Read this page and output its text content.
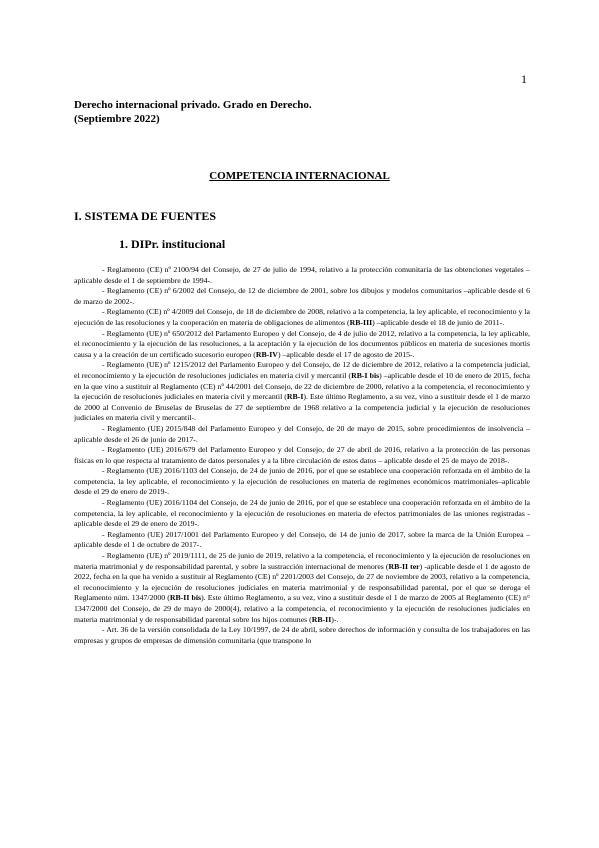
1
Derecho internacional privado. Grado en Derecho.
(Septiembre 2022)
COMPETENCIA INTERNACIONAL
I. SISTEMA DE FUENTES
1. DIPr. institucional

- Reglamento (CE) nº 2100/94 del Consejo, de 27 de julio de 1994, relativo a la protección comunitaria de las obtenciones vegetales –aplicable desde el 1 de septiembre de 1994-.

- Reglamento (CE) nº 6/2002 del Consejo, de 12 de diciembre de 2001, sobre los dibujos y modelos comunitarios –aplicable desde el 6 de marzo de 2002-.

- Reglamento (CE) nº 4/2009 del Consejo, de 18 de diciembre de 2008, relativo a la competencia, la ley aplicable, el reconocimiento y la ejecución de las resoluciones y la cooperación en materia de obligaciones de alimentos (RB-III) –aplicable desde el 18 de junio de 2011-.

- Reglamento (UE) nº 650/2012 del Parlamento Europeo y del Consejo, de 4 de julio de 2012, relativo a la competencia, la ley aplicable, el reconocimiento y la ejecución de las resoluciones, a la aceptación y la ejecución de los documentos públicos en materia de sucesiones mortis causa y a la creación de un certificado sucesorio europeo (RB-IV) –aplicable desde el 17 de agosto de 2015-.

- Reglamento (UE) nº 1215/2012 del Parlamento Europeo y del Consejo, de 12 de diciembre de 2012, relativo a la competencia judicial, el reconocimiento y la ejecución de resoluciones judiciales en materia civil y mercantil (RB-I bis) –aplicable desde el 10 de enero de 2015, fecha en la que vino a sustituir al Reglamento (CE) nº 44/2001 del Consejo, de 22 de diciembre de 2000, relativo a la competencia, el reconocimiento y la ejecución de resoluciones judiciales en materia civil y mercantil (RB-I). Este último Reglamento, a su vez, vino a sustituir desde el 1 de marzo de 2000 al Convenio de Bruselas de Bruselas de 27 de septiembre de 1968 relativo a la competencia judicial y la ejecución de resoluciones judiciales en materia civil y mercantil-.

- Reglamento (UE) 2015/848 del Parlamento Europeo y del Consejo, de 20 de mayo de 2015, sobre procedimientos de insolvencia –aplicable desde el 26 de junio de 2017-.

- Reglamento (UE) 2016/679 del Parlamento Europeo y del Consejo, de 27 de abril de 2016, relativo a la protección de las personas físicas en lo que respecta al tratamiento de datos personales y a la libre circulación de estos datos – aplicable desde el 25 de mayo de 2018-.

- Reglamento (UE) 2016/1103 del Consejo, de 24 de junio de 2016, por el que se establece una cooperación reforzada en el ámbito de la competencia, la ley aplicable, el reconocimiento y la ejecución de resoluciones en materia de regímenes económicos matrimoniales–aplicable desde el 29 de enero de 2019-.

- Reglamento (UE) 2016/1104 del Consejo, de 24 de junio de 2016, por el que se establece una cooperación reforzada en el ámbito de la competencia, la ley aplicable, el reconocimiento y la ejecución de resoluciones en materia de efectos patrimoniales de las uniones registradas -aplicable desde el 29 de enero de 2019-.

- Reglamento (UE) 2017/1001 del Parlamento Europeo y del Consejo, de 14 de junio de 2017, sobre la marca de la Unión Europea –aplicable desde el 1 de octubre de 2017-.

- Reglamento (UE) nº 2019/1111, de 25 de junio de 2019, relativo a la competencia, el reconocimiento y la ejecución de resoluciones en materia matrimonial y de responsabilidad parental, y sobre la sustracción internacional de menores (RB-II ter) -aplicable desde el 1 de agosto de 2022, fecha en la que ha venido a sustituir al Reglamento (CE) nº 2201/2003 del Consejo, de 27 de noviembre de 2003, relativo a la competencia, el reconocimiento y la ejecución de resoluciones judiciales en materia matrimonial y de responsabilidad parental, por el que se deroga el Reglamento núm. 1347/2000 (RB-II bis). Este último Reglamento, a su vez, vino a sustituir desde el 1 de marzo de 2005 al Reglamento (CE) n° 1347/2000 del Consejo, de 29 de mayo de 2000(4), relativo a la competencia, el reconocimiento y la ejecución de resoluciones judiciales en materia matrimonial y de responsabilidad parental sobre los hijos comunes (RB-II)-.

- Art. 36 de la versión consolidada de la Ley 10/1997, de 24 de abril, sobre derechos de información y consulta de los trabajadores en las empresas y grupos de empresas de dimensión comunitaria (que transpone lo
